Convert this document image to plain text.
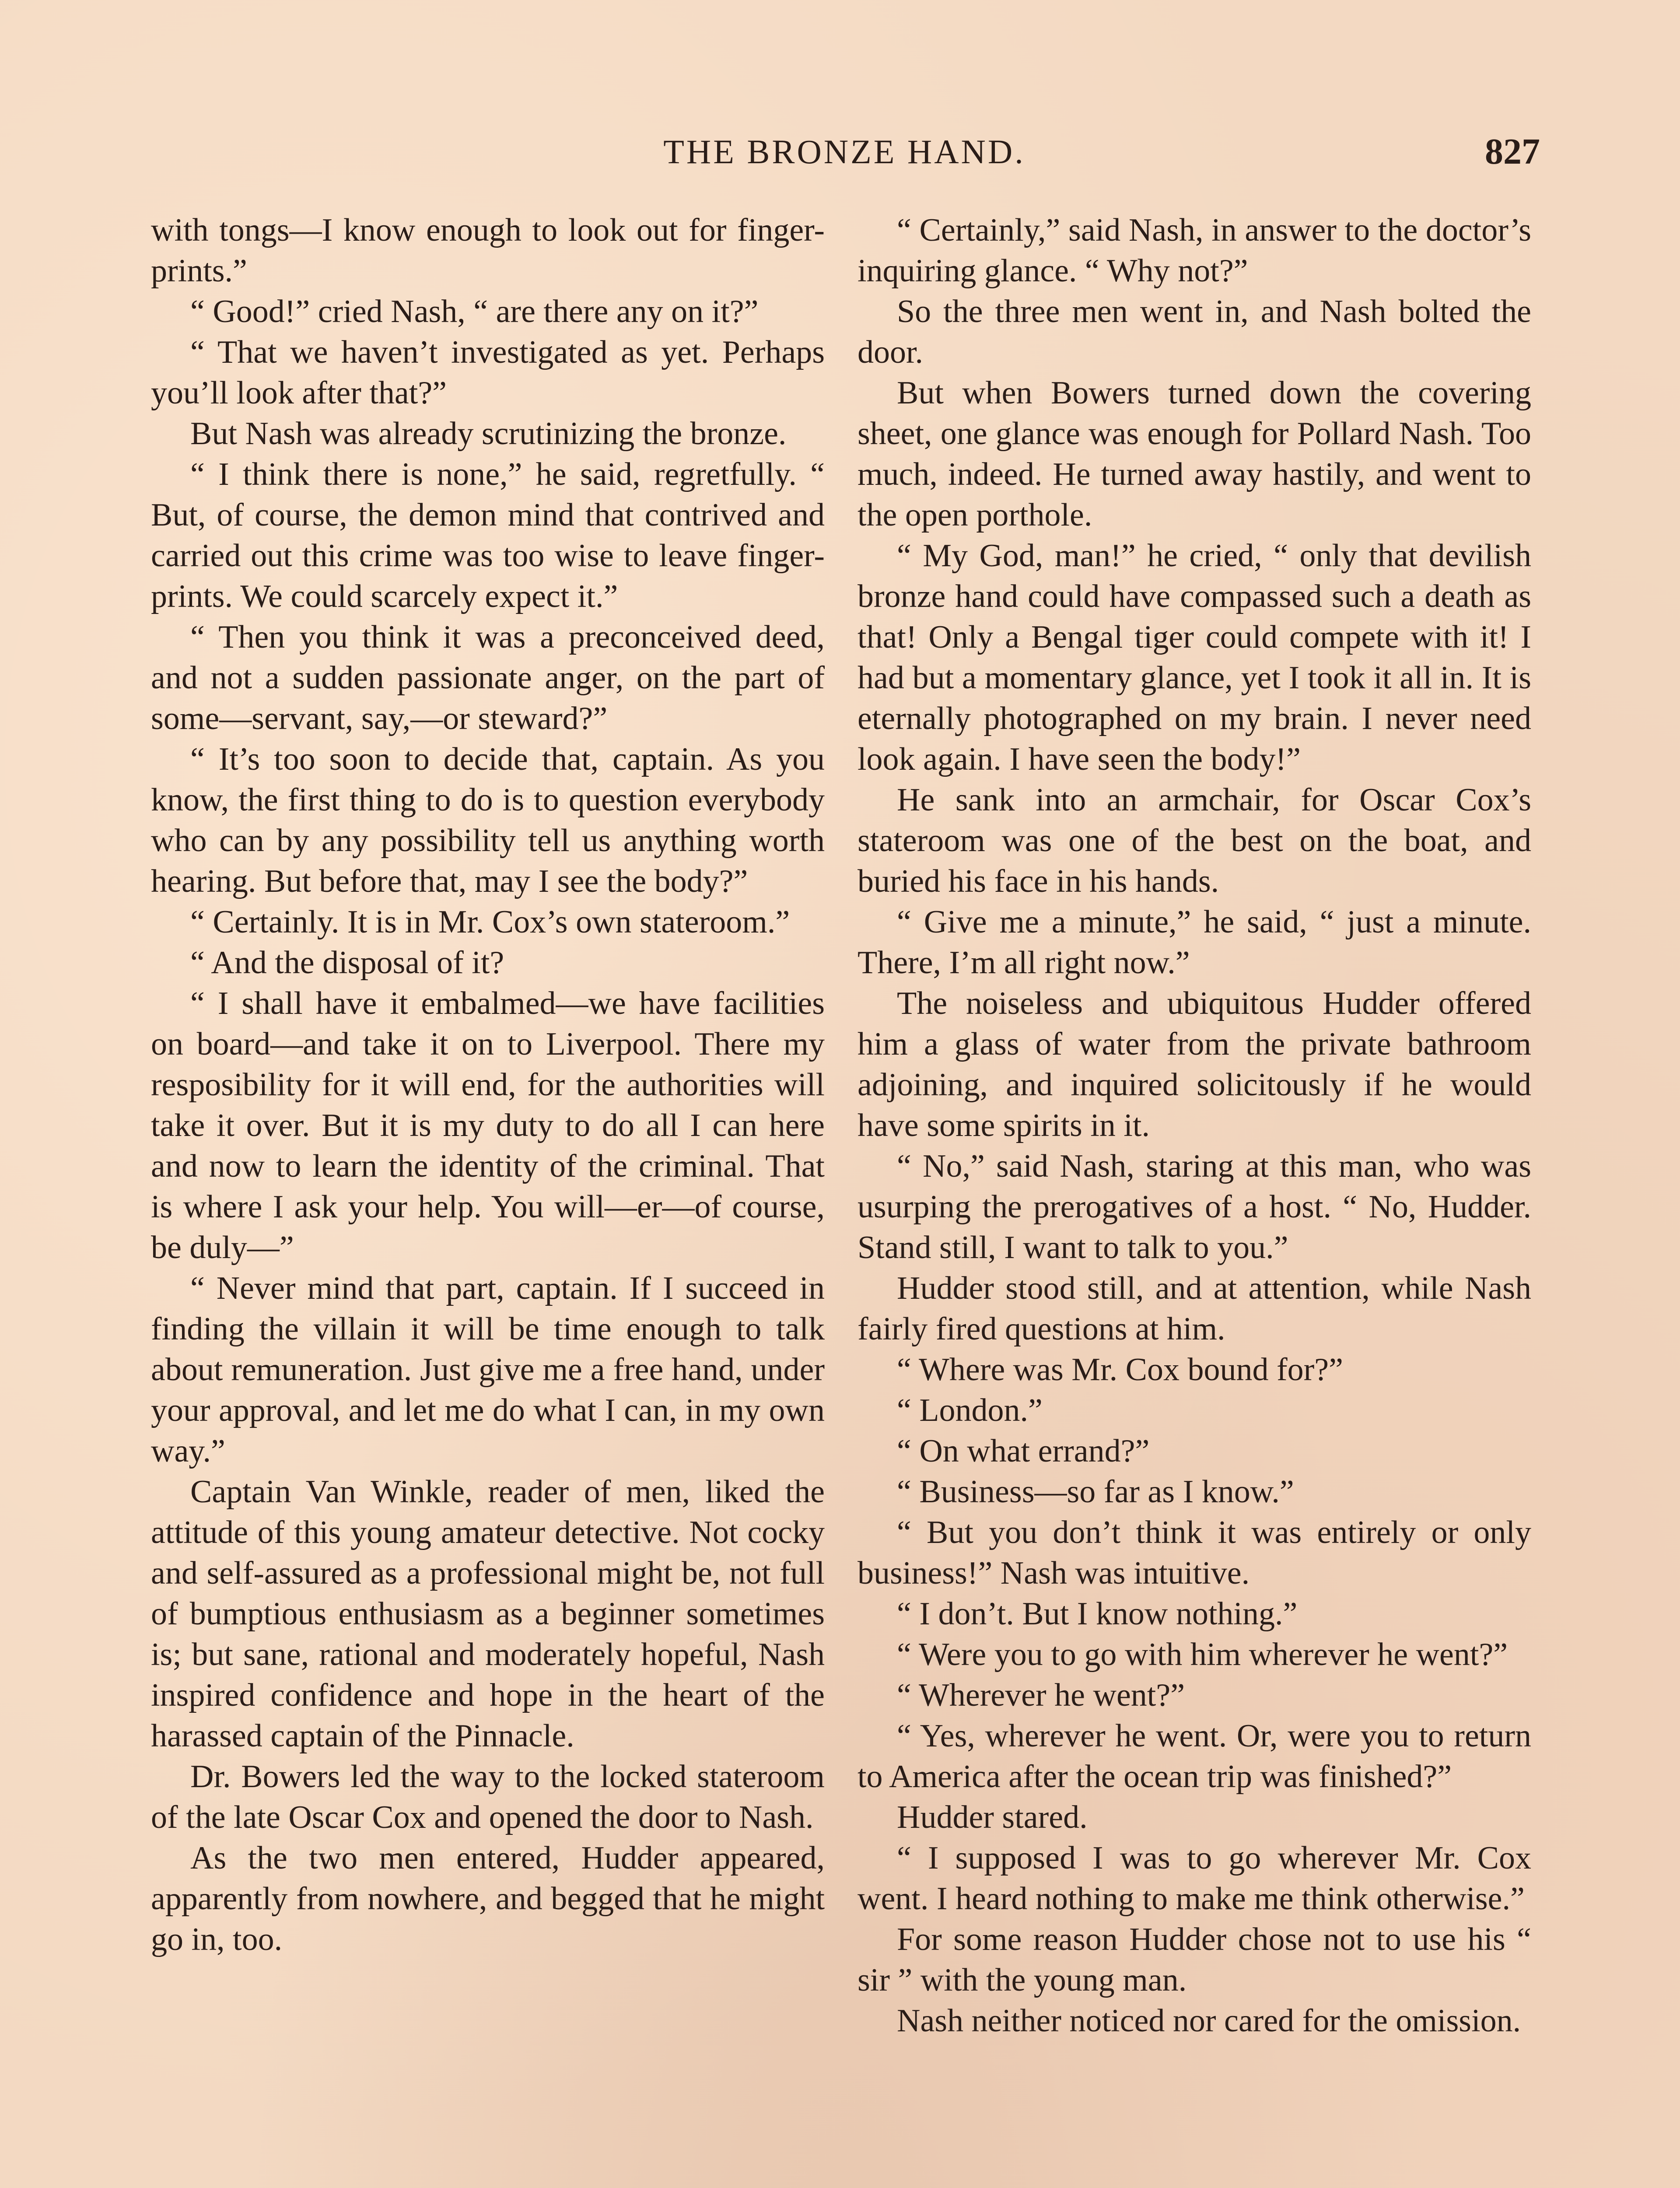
THE BRONZE HAND.	827

with tongs—I know enough to look out for finger-prints.”

“ Good!” cried Nash, “ are there any on it?”

“ That we haven’t investigated as yet. Perhaps you’ll look after that?”

But Nash was already scrutinizing the bronze.

“ I think there is none,” he said, regretfully. “ But, of course, the demon mind that contrived and carried out this crime was too wise to leave finger-prints. We could scarcely expect it.”

“ Then you think it was a preconceived deed, and not a sudden passionate anger, on the part of some—servant, say,—or steward?”

“ It’s too soon to decide that, captain. As you know, the first thing to do is to question everybody who can by any possibility tell us anything worth hearing. But before that, may I see the body?”

“ Certainly. It is in Mr. Cox’s own stateroom.”

“ And the disposal of it?

“ I shall have it embalmed—we have facilities on board—and take it on to Liverpool. There my resposibility for it will end, for the authorities will take it over. But it is my duty to do all I can here and now to learn the identity of the criminal. That is where I ask your help. You will—er—of course, be duly—”

“ Never mind that part, captain. If I succeed in finding the villain it will be time enough to talk about remuneration. Just give me a free hand, under your approval, and let me do what I can, in my own way.”

Captain Van Winkle, reader of men, liked the attitude of this young amateur detective. Not cocky and self-assured as a professional might be, not full of bumptious enthusiasm as a beginner sometimes is; but sane, rational and moderately hopeful, Nash inspired confidence and hope in the heart of the harassed captain of the Pinnacle.

Dr. Bowers led the way to the locked stateroom of the late Oscar Cox and opened the door to Nash.

As the two men entered, Hudder appeared, apparently from nowhere, and begged that he might go in, too.

“ Certainly,” said Nash, in answer to the doctor’s inquiring glance. “ Why not?”

So the three men went in, and Nash bolted the door.

But when Bowers turned down the covering sheet, one glance was enough for Pollard Nash. Too much, indeed. He turned away hastily, and went to the open porthole.

“ My God, man!” he cried, “ only that devilish bronze hand could have compassed such a death as that! Only a Bengal tiger could compete with it! I had but a momentary glance, yet I took it all in. It is eternally photographed on my brain. I never need look again. I have seen the body!”

He sank into an armchair, for Oscar Cox’s stateroom was one of the best on the boat, and buried his face in his hands.

“ Give me a minute,” he said, “ just a minute. There, I’m all right now.”

The noiseless and ubiquitous Hudder offered him a glass of water from the private bathroom adjoining, and inquired solicitously if he would have some spirits in it.

“ No,” said Nash, staring at this man, who was usurping the prerogatives of a host. “ No, Hudder. Stand still, I want to talk to you.”

Hudder stood still, and at attention, while Nash fairly fired questions at him.

“ Where was Mr. Cox bound for?”

“ London.”

“ On what errand?”

“ Business—so far as I know.”

“ But you don’t think it was entirely or only business!” Nash was intuitive.

“ I don’t. But I know nothing.”

“ Were you to go with him wherever he went?”

“ Wherever he went?”

“ Yes, wherever he went. Or, were you to return to America after the ocean trip was finished?”

Hudder stared.

“ I supposed I was to go wherever Mr. Cox went. I heard nothing to make me think otherwise.”

For some reason Hudder chose not to use his “ sir ” with the young man.

Nash neither noticed nor cared for the omission.
